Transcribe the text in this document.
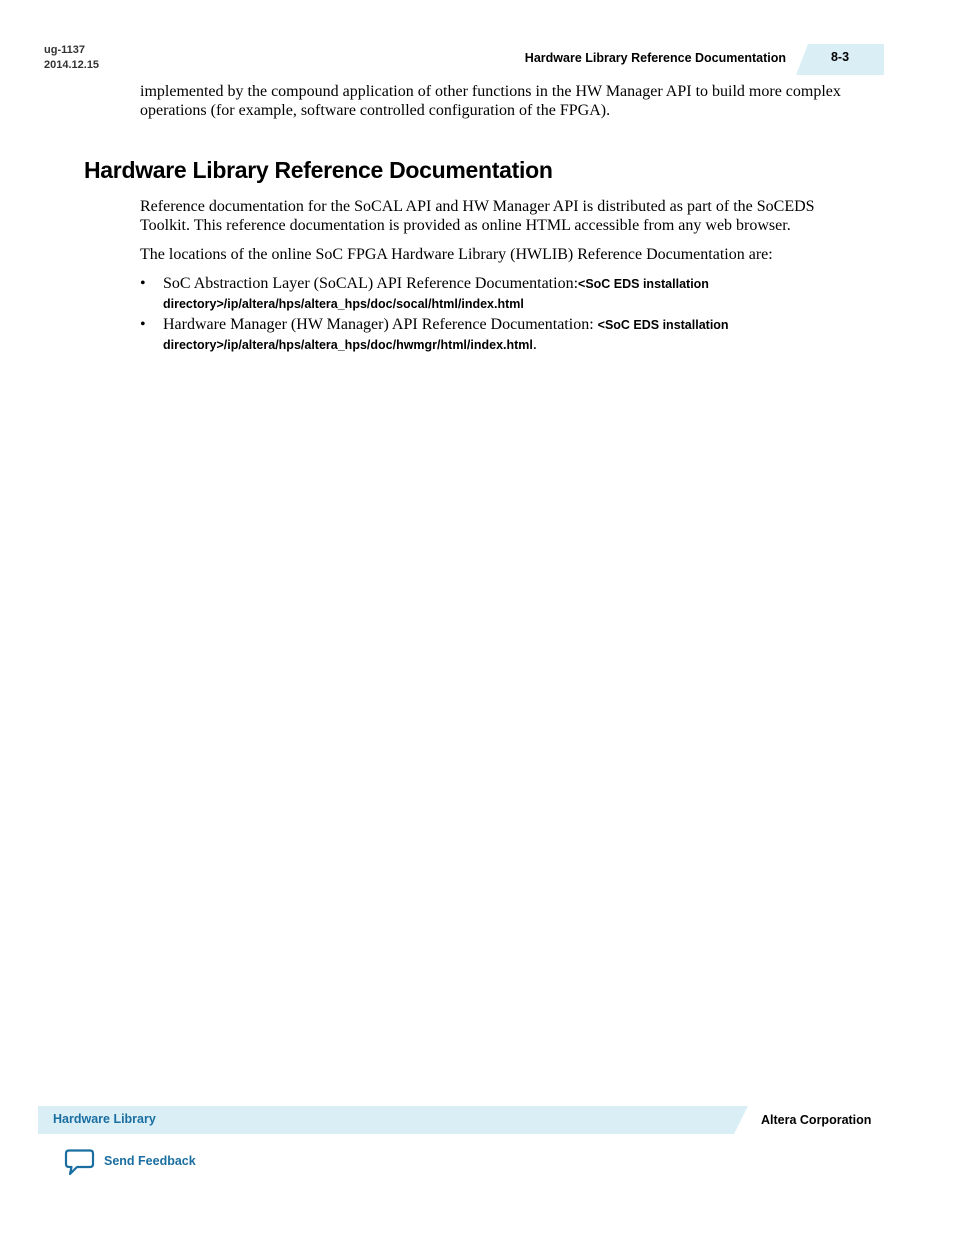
ug-1137
2014.12.15	Hardware Library Reference Documentation	8-3

implemented by the compound application of other functions in the HW Manager API to build more complex operations (for example, software controlled configuration of the FPGA).

Hardware Library Reference Documentation

Reference documentation for the SoCAL API and HW Manager API is distributed as part of the SoCEDS Toolkit. This reference documentation is provided as online HTML accessible from any web browser.

The locations of the online SoC FPGA Hardware Library (HWLIB) Reference Documentation are:

• SoC Abstraction Layer (SoCAL) API Reference Documentation:<SoC EDS installation directory>/ip/altera/hps/altera_hps/doc/socal/html/index.html
• Hardware Manager (HW Manager) API Reference Documentation: <SoC EDS installation directory>/ip/altera/hps/altera_hps/doc/hwmgr/html/index.html.
Hardware Library	Altera Corporation
Send Feedback
